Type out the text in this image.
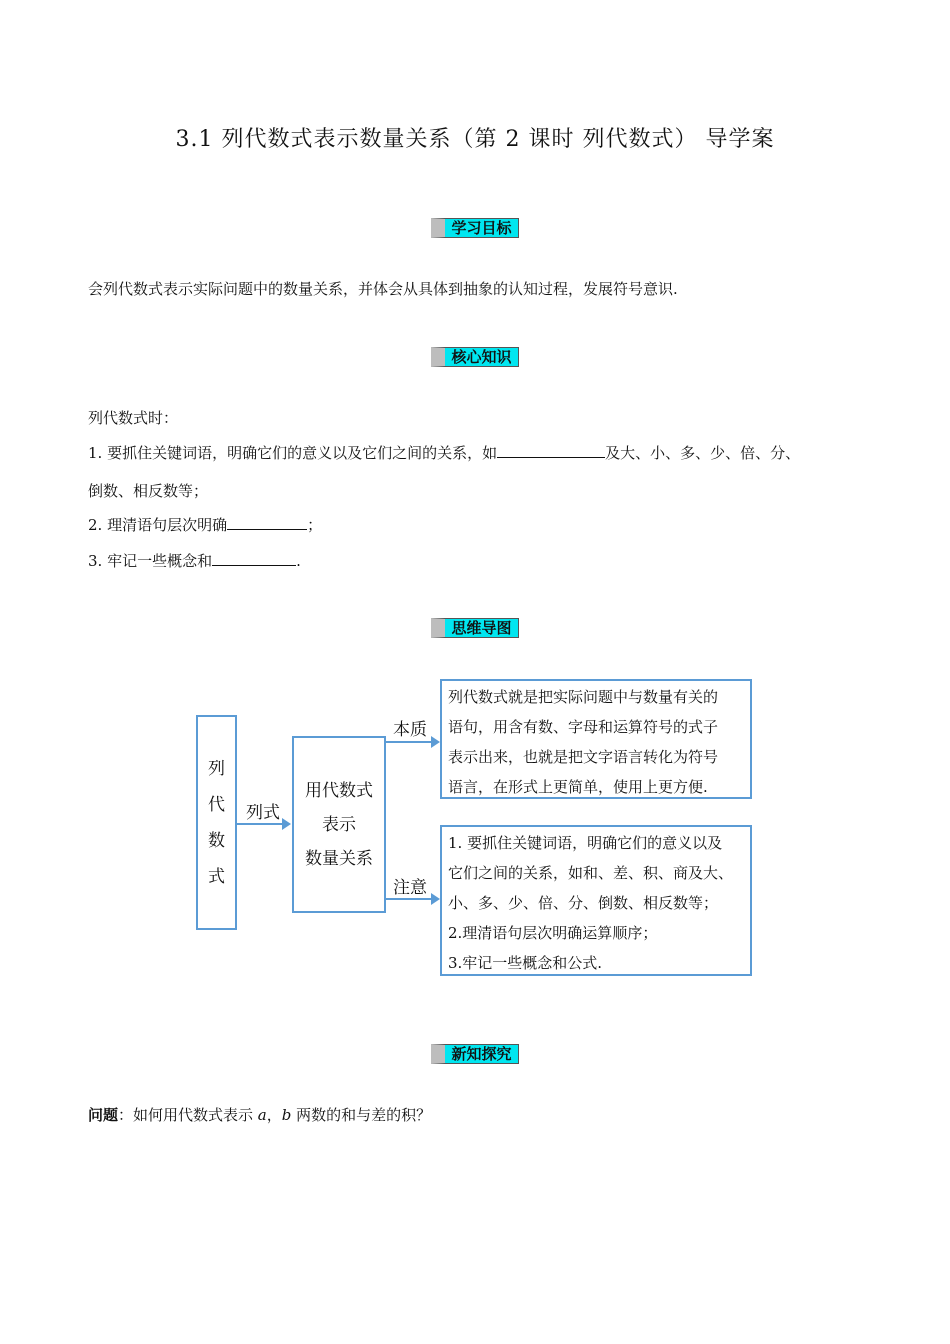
3.1 列代数式表示数量关系（第 2 课时 列代数式） 导学案
学习目标
会列代数式表示实际问题中的数量关系，并体会从具体到抽象的认知过程，发展符号意识.
核心知识
列代数式时：
1. 要抓住关键词语，明确它们的意义以及它们之间的关系，如	及大、小、多、少、倍、分、
倒数、相反数等；
2. 理清语句层次明确	；
3. 牢记一些概念和	.
思维导图
列
代
数
式
列式
用代数式
表示
数量关系
本质
注意
列代数式就是把实际问题中与数量有关的
语句，用含有数、字母和运算符号的式子
表示出来，也就是把文字语言转化为符号
语言，在形式上更简单，使用上更方便.
1. 要抓住关键词语，明确它们的意义以及
它们之间的关系，如和、差、积、商及大、
小、多、少、倍、分、倒数、相反数等；
2.理清语句层次明确运算顺序；
3.牢记一些概念和公式.
新知探究
问题：如何用代数式表示 a，b 两数的和与差的积？
